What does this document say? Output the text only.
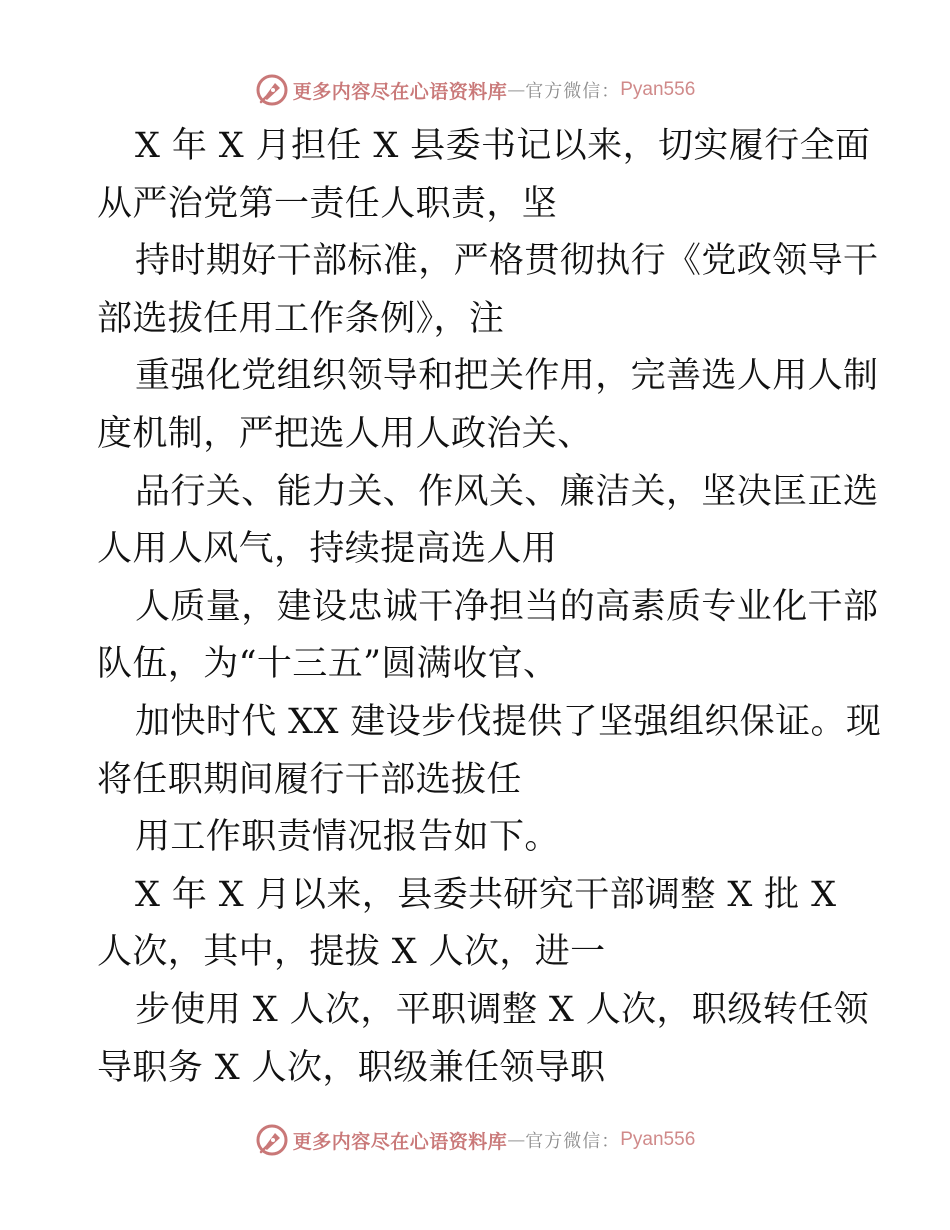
更多内容尽在心语资料库 — 官方微信： Pyan556
X 年 X 月担任 X 县委书记以来，切实履行全面
从严治党第一责任人职责，坚
持时期好干部标准，严格贯彻执行《党政领导干
部选拔任用工作条例》，注
重强化党组织领导和把关作用，完善选人用人制
度机制，严把选人用人政治关、
品行关、能力关、作风关、廉洁关，坚决匡正选
人用人风气，持续提高选人用
人质量，建设忠诚干净担当的高素质专业化干部
队伍，为“十三五”圆满收官、
加快时代 XX 建设步伐提供了坚强组织保证。现
将任职期间履行干部选拔任
用工作职责情况报告如下。
X 年 X 月以来，县委共研究干部调整 X 批 X
人次，其中，提拔 X 人次，进一
步使用 X 人次，平职调整 X 人次，职级转任领
导职务 X 人次，职级兼任领导职
更多内容尽在心语资料库 — 官方微信： Pyan556
